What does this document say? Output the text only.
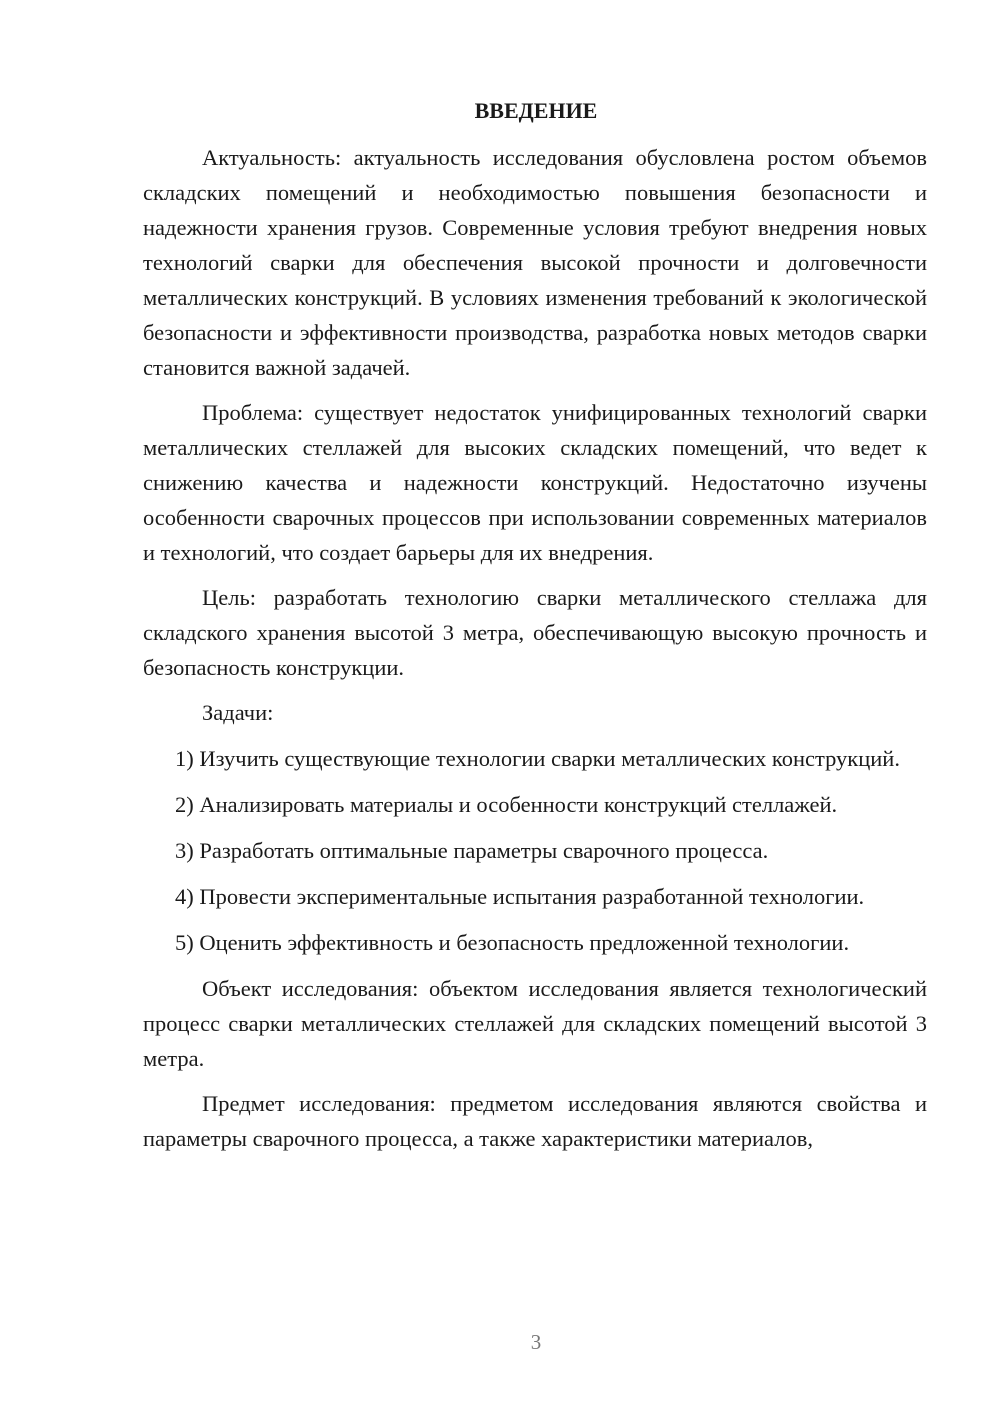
ВВЕДЕНИЕ

Актуальность: актуальность исследования обусловлена ростом объемов складских помещений и необходимостью повышения безопасности и надежности хранения грузов. Современные условия требуют внедрения новых технологий сварки для обеспечения высокой прочности и долговечности металлических конструкций. В условиях изменения требований к экологической безопасности и эффективности производства, разработка новых методов сварки становится важной задачей.

Проблема: существует недостаток унифицированных технологий сварки металлических стеллажей для высоких складских помещений, что ведет к снижению качества и надежности конструкций. Недостаточно изучены особенности сварочных процессов при использовании современных материалов и технологий, что создает барьеры для их внедрения.

Цель: разработать технологию сварки металлического стеллажа для складского хранения высотой 3 метра, обеспечивающую высокую прочность и безопасность конструкции.

Задачи:

1) Изучить существующие технологии сварки металлических конструкций.

2) Анализировать материалы и особенности конструкций стеллажей.

3) Разработать оптимальные параметры сварочного процесса.

4) Провести экспериментальные испытания разработанной технологии.

5) Оценить эффективность и безопасность предложенной технологии.

Объект исследования: объектом исследования является технологический процесс сварки металлических стеллажей для складских помещений высотой 3 метра.

Предмет исследования: предметом исследования являются свойства и параметры сварочного процесса, а также характеристики материалов,

3
